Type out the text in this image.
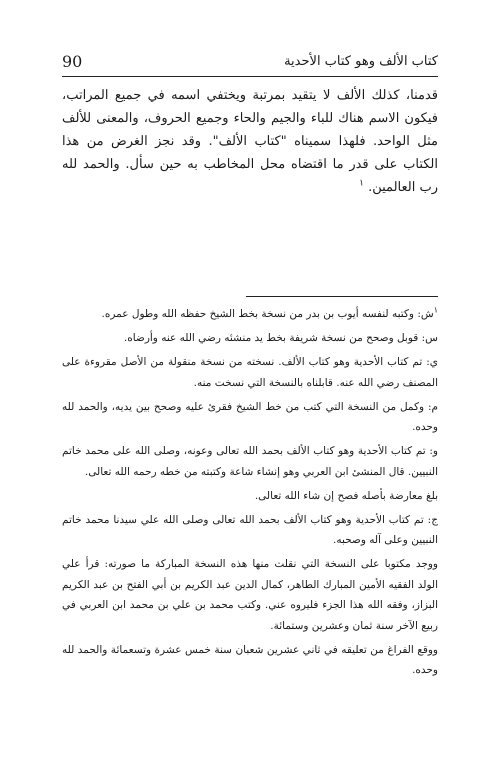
90	كتاب الألف وهو كتاب الأحدية

قدمنا، كذلك الألف لا يتقيد بمرتبة ويختفي اسمه في جميع المراتب، فيكون الاسم هناك للباء والجيم والحاء وجميع الحروف، والمعنى للألف مثل الواحد. فلهذا سميناه "كتاب الألف". وقد نجز الغرض من هذا الكتاب على قدر ما اقتضاه محل المخاطب به حين سأل. والحمد لله رب العالمين. $^١$

$^١$ش: وكتبه لنفسه أيوب بن بدر من نسخة بخط الشيخ حفظه الله وطول عمره.

س: قوبل وصحح من نسخة شريفة بخط يد منشئه رضي الله عنه وأرضاه.

ي: تم كتاب الأحدية وهو كتاب الألف. نسخته من نسخة منقولة من الأصل مقروءة على المصنف رضي الله عنه. قابلناه بالنسخة التي نسخت منه.

م: وكمل من النسخة التي كتب من خط الشيخ فقرئ عليه وصحح بين يديه، والحمد لله وحده.

و: تم كتاب الأحدية وهو كتاب الألف بحمد الله تعالى وعونه، وصلى الله على محمد خاتم النبيين. قال المنشئ ابن العربي وهو إنشاء شاعة وكتبته من خطه رحمه الله تعالى.

بلغ معارضة بأصله فصح إن شاء الله تعالى.

ج: تم كتاب الأحدية وهو كتاب الألف بحمد الله تعالى وصلى الله علي سيدنا محمد خاتم النبيين وعلى آله وصحبه.

ووجد مكتوبا على النسخة التي نقلت منها هذه النسخة المباركة ما صورته: قرأ علي الولد الفقيه الأمين المبارك الطاهر، كمال الدين عبد الكريم بن أبي الفتح بن عبد الكريم البزاز، وفقه الله هذا الجزء فليروه عني. وكتب محمد بن علي بن محمد ابن العربي في ربيع الآخر سنة ثمان وعشرين وستمائة.

ووقع الفراغ من تعليقه في ثاني عشرين شعبان سنة خمس عشرة وتسعمائة والحمد لله وحده.
